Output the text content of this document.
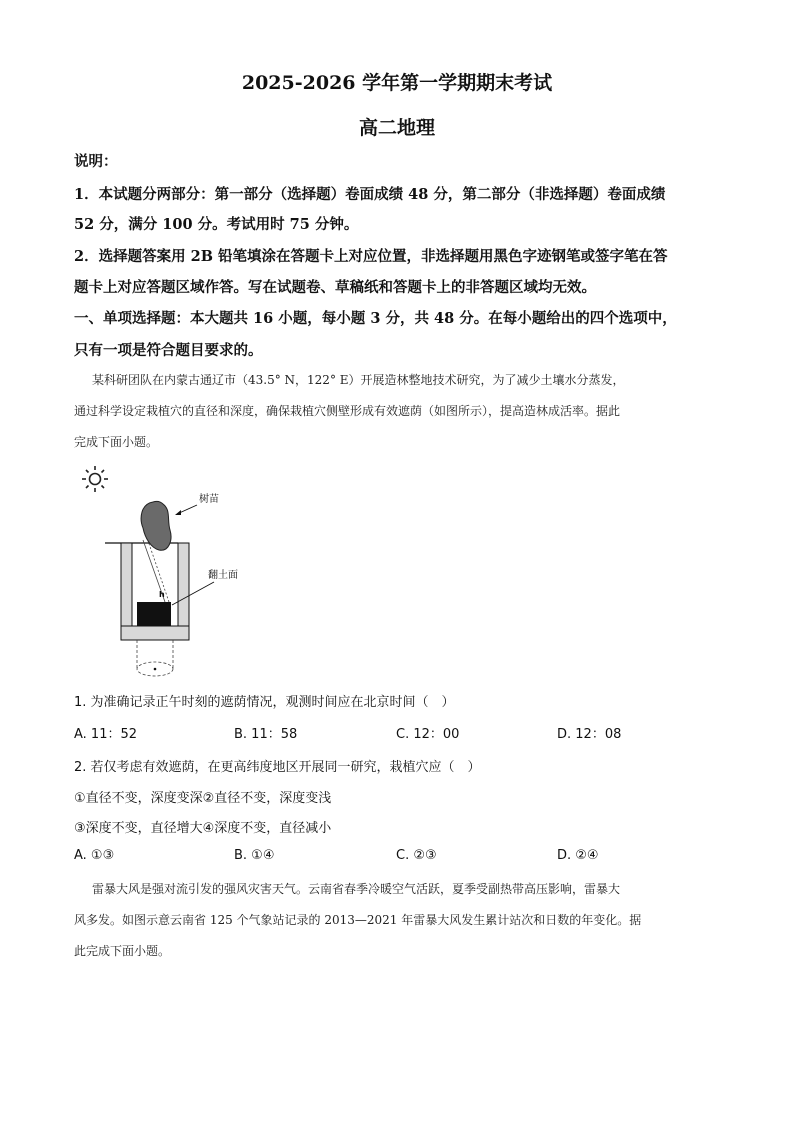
2025-2026 学年第一学期期末考试
高二地理
说明：
1．本试题分两部分：第一部分（选择题）卷面成绩 48 分，第二部分（非选择题）卷面成绩
52 分，满分 100 分。考试用时 75 分钟。
2．选择题答案用 2B 铅笔填涂在答题卡上对应位置，非选择题用黑色字迹钢笔或签字笔在答
题卡上对应答题区域作答。写在试题卷、草稿纸和答题卡上的非答题区域均无效。
一、单项选择题：本大题共 16 小题，每小题 3 分，共 48 分。在每小题给出的四个选项中，
只有一项是符合题目要求的。
某科研团队在内蒙古通辽市（43.5° N，122° E）开展造林整地技术研究，为了减少土壤水分蒸发，
通过科学设定栽植穴的直径和深度，确保栽植穴侧壁形成有效遮荫（如图所示），提高造林成活率。据此
完成下面小题。
h
树苗
翻土面
1. 为准确记录正午时刻的遮荫情况，观测时间应在北京时间（　）
A. 11：52	B. 11：58	C. 12：00	D. 12：08
2. 若仅考虑有效遮荫，在更高纬度地区开展同一研究，栽植穴应（　）
①直径不变，深度变深②直径不变，深度变浅
③深度不变，直径增大④深度不变，直径减小
A. ①③	B. ①④	C. ②③	D. ②④
雷暴大风是强对流引发的强风灾害天气。云南省春季冷暖空气活跃，夏季受副热带高压影响，雷暴大
风多发。如图示意云南省 125 个气象站记录的 2013—2021 年雷暴大风发生累计站次和日数的年变化。据
此完成下面小题。
